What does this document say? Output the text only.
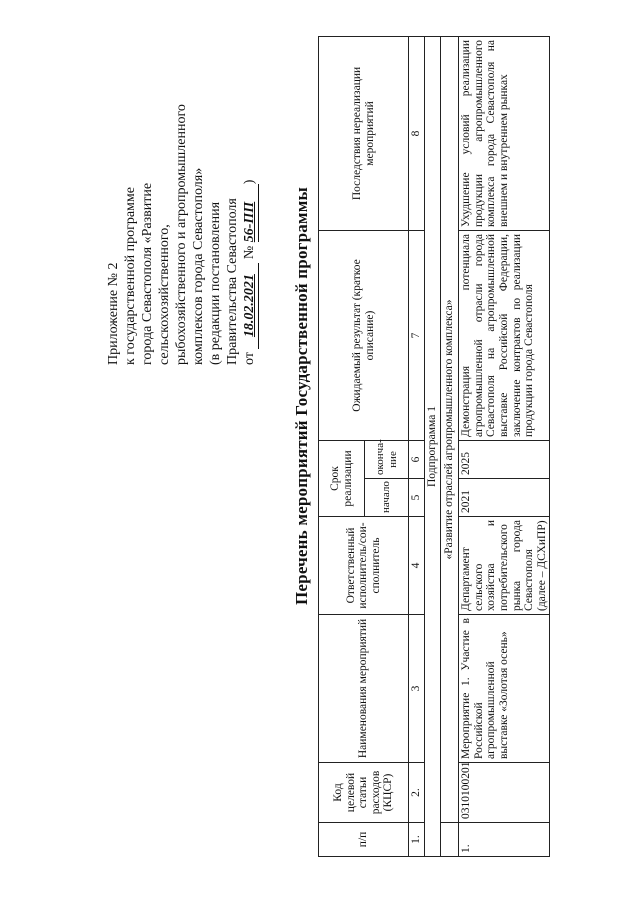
Приложение № 2 к государственной программе города Севастополя «Развитие сельскохозяйственного, рыбохозяйственного и агропромышленного комплексов города Севастополя» (в редакции постановления Правительства Севастополя от 18.02.2021 № 56-ПП)
Перечень мероприятий Государственной программы
п/п	Код целевой статьи расходов (КЦСР)	Наименования мероприятий	Ответственный исполнитель/сои-сполнитель	Срок реализации		Ожидаемый результат (краткое описание)	Последствия нереализации мероприятий
				начало	оконча-ние		
1.	2.	3	4	5	6	7	8
Подпрограмма 1							
	«Развитие отраслей агропромышленного комплекса»						
1.	0310100201	Мероприятие 1. Участие в Российской агропромышленной выставке «Золотая осень»	Департамент сельского хозяйства и потребительского рынка города Севастополя (далее – ДСХиПР)	2021	2025	Демонстрация потенциала агропромышленной отрасли города Севастополя на агропромышленной выставке Российской Федерации, заключение контрактов по реализации продукции города Севастополя	Ухудшение условий реализации продукции агропромышленного комплекса города Севастополя на внешнем и внутреннем рынках
